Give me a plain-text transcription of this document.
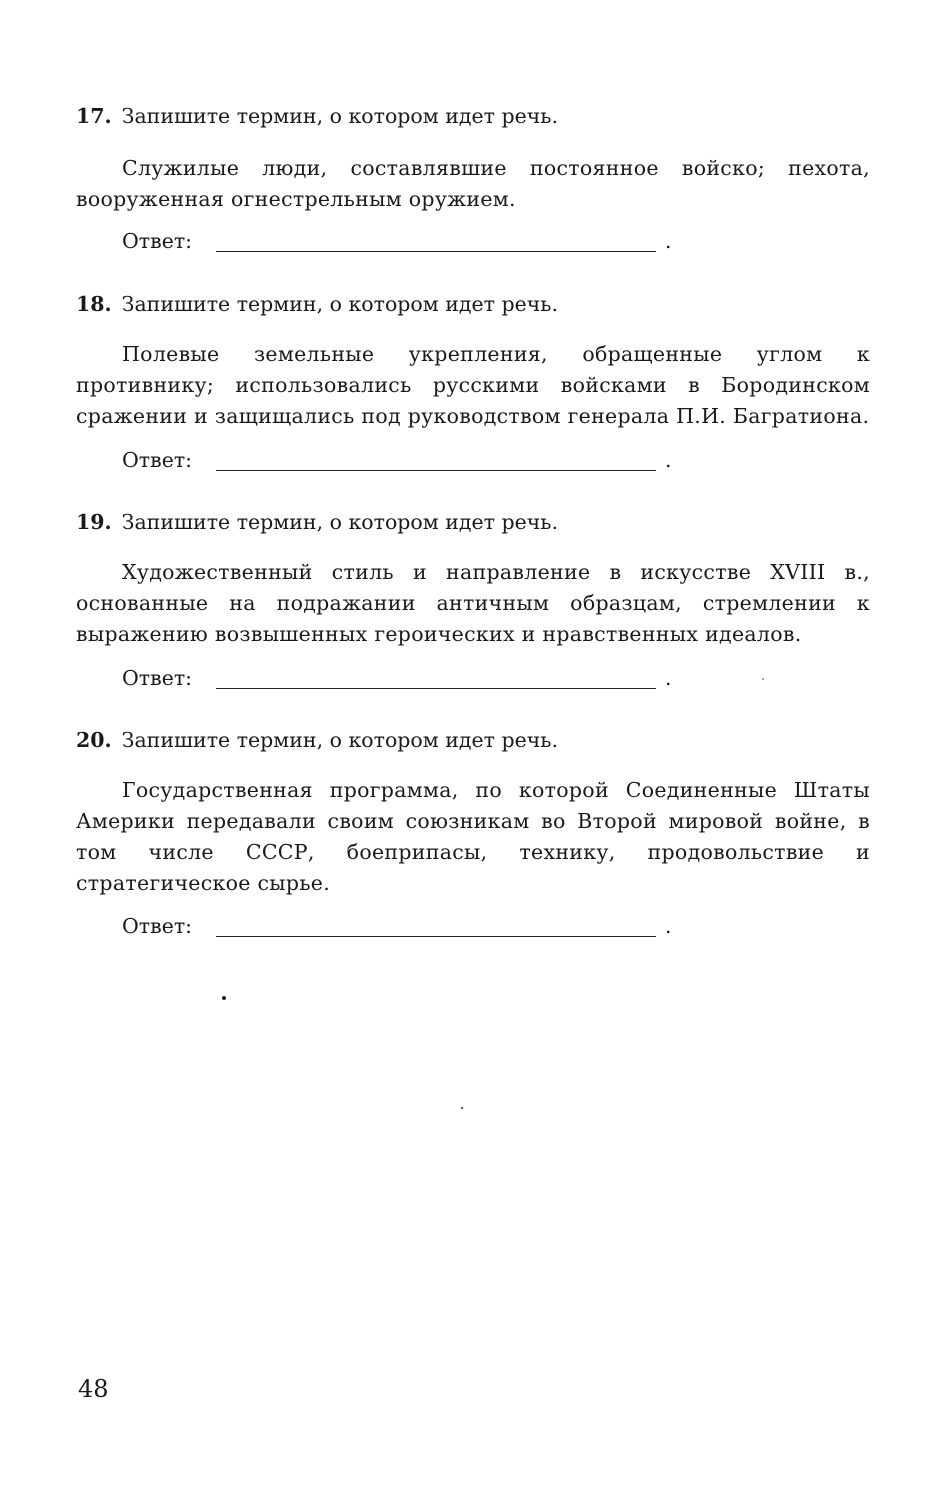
17. Запишите термин, о котором идет речь.

Служилые люди, составлявшие постоянное войско; пехота, вооруженная огнестрельным оружием.

Ответ:	.

18. Запишите термин, о котором идет речь.

Полевые земельные укрепления, обращенные углом к противнику; использовались русскими войсками в Бородинском сражении и защищались под руководством генерала П.И. Багратиона.

Ответ:	.

19. Запишите термин, о котором идет речь.

Художественный стиль и направление в искусстве XVIII в., основанные на подражании античным образцам, стремлении к выражению возвышенных героических и нравственных идеалов.

Ответ:	.

20. Запишите термин, о котором идет речь.

Государственная программа, по которой Соединенные Штаты Америки передавали своим союзникам во Второй мировой войне, в том числе СССР, боеприпасы, технику, продовольствие и стратегическое сырье.

Ответ:	.

48
